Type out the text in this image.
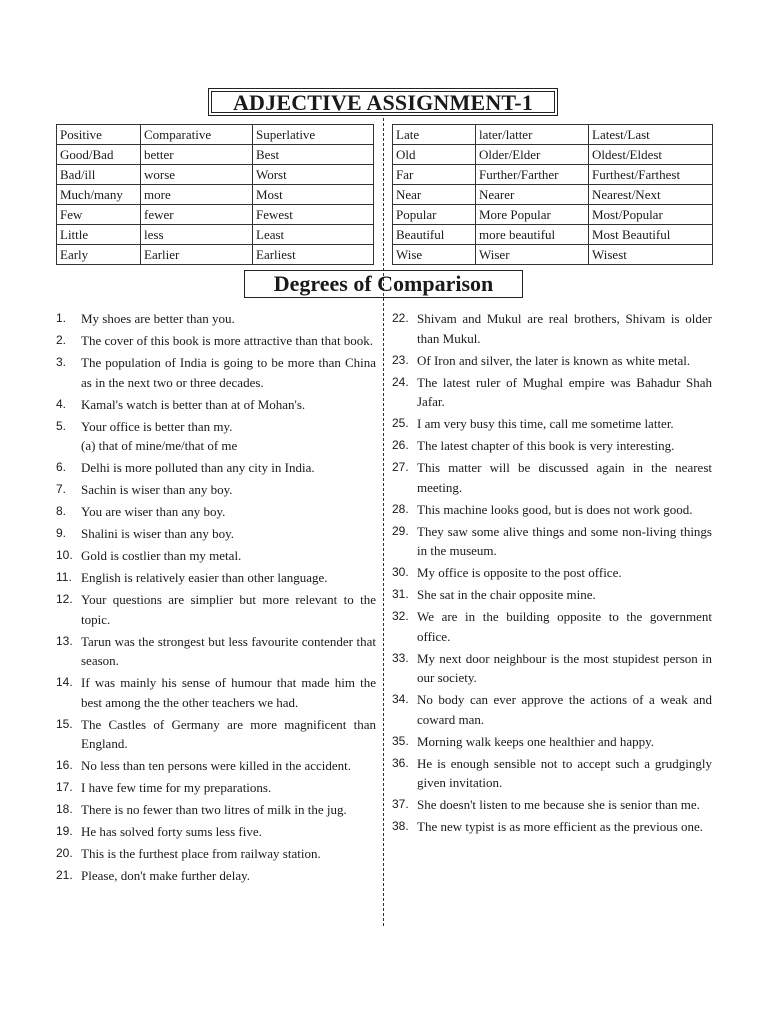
ADJECTIVE ASSIGNMENT-1
Positive	Comparative	Superlative
Good/Bad	better	Best
Bad/ill	worse	Worst
Much/many	more	Most
Few	fewer	Fewest
Little	less	Least
Early	Earlier	Earliest
Late	later/latter	Latest/Last
Old	Older/Elder	Oldest/Eldest
Far	Further/Farther	Furthest/Farthest
Near	Nearer	Nearest/Next
Popular	More Popular	Most/Popular
Beautiful	more beautiful	Most Beautiful
Wise	Wiser	Wisest
Degrees of Comparison
1.	My shoes are better than you.
2.	The cover of this book is more attractive than that book.
3.	The population of India is going to be more than China as in the next two or three decades.
4.	Kamal's watch is better than at of Mohan's.
5.	Your office is better than my.
(a) that of mine/me/that of me
6.	Delhi is more polluted than any city in India.
7.	Sachin is wiser than any boy.
8.	You are wiser than any boy.
9.	Shalini is wiser than any boy.
10. Gold is costlier than my metal.
11. English is relatively easier than other language.
12. Your questions are simplier but more relevant to the topic.
13. Tarun was the strongest but less favourite contender that season.
14. If was mainly his sense of humour that made him the best among the the other teachers we had.
15. The Castles of Germany are more magnificent than England.
16. No less than ten persons were killed in the accident.
17. I have few time for my preparations.
18. There is no fewer than two litres of milk in the jug.
19. He has solved forty sums less five.
20. This is the furthest place from railway station.
21. Please, don't make further delay.
22. Shivam and Mukul are real brothers, Shivam is older than Mukul.
23. Of Iron and silver, the later is known as white metal.
24. The latest ruler of Mughal empire was Bahadur Shah Jafar.
25. I am very busy this time, call me sometime latter.
26. The latest chapter of this book is very interesting.
27. This matter will be discussed again in the nearest meeting.
28. This machine looks good, but is does not work good.
29. They saw some alive things and some non-living things in the museum.
30. My office is opposite to the post office.
31. She sat in the chair opposite mine.
32. We are in the building opposite to the government office.
33. My next door neighbour is the most stupidest person in our society.
34. No body can ever approve the actions of a weak and coward man.
35. Morning walk keeps one healthier and happy.
36. He is enough sensible not to accept such a grudgingly given invitation.
37. She doesn't listen to me because she is senior than me.
38. The new typist is as more efficient as the previous one.
